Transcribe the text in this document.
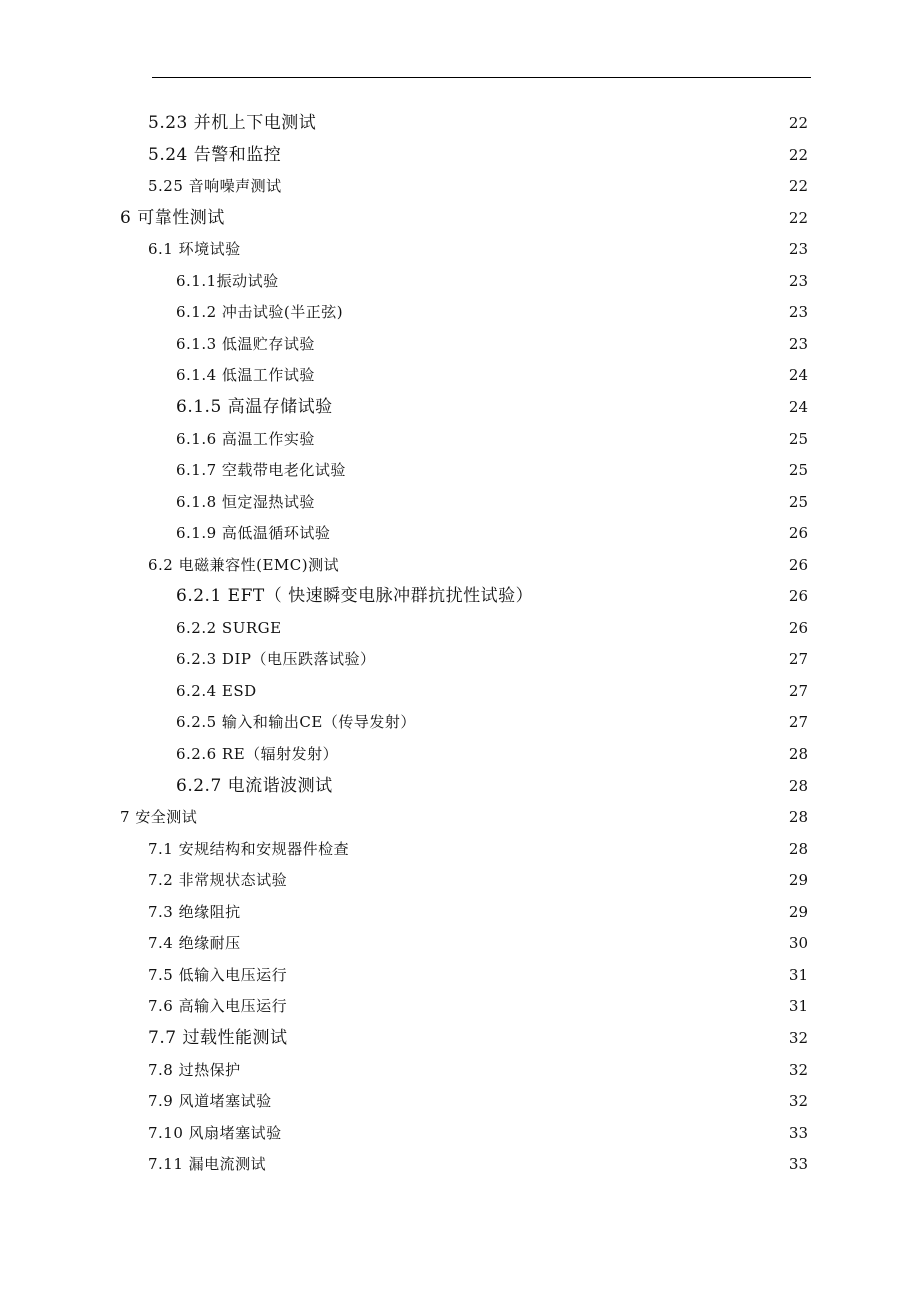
5.23 并机上下电测试	22
5.24 告警和监控	22
5.25 音响噪声测试	22
6 可靠性测试	22
6.1 环境试验	23
6.1.1振动试验	23
6.1.2 冲击试验(半正弦)	23
6.1.3 低温贮存试验	23
6.1.4 低温工作试验	24
6.1.5 高温存储试验	24
6.1.6 高温工作实验	25
6.1.7 空载带电老化试验	25
6.1.8 恒定湿热试验	25
6.1.9 高低温循环试验	26
6.2 电磁兼容性(EMC)测试	26
6.2.1 EFT（ 快速瞬变电脉冲群抗扰性试验）	26
6.2.2 SURGE	26
6.2.3 DIP（电压跌落试验）	27
6.2.4 ESD	27
6.2.5 输入和输出CE（传导发射）	27
6.2.6 RE（辐射发射）	28
6.2.7 电流谐波测试	28
7 安全测试	28
7.1 安规结构和安规器件检查	28
7.2 非常规状态试验	29
7.3 绝缘阻抗	29
7.4 绝缘耐压	30
7.5 低输入电压运行	31
7.6 高输入电压运行	31
7.7 过载性能测试	32
7.8 过热保护	32
7.9 风道堵塞试验	32
7.10 风扇堵塞试验	33
7.11 漏电流测试	33
